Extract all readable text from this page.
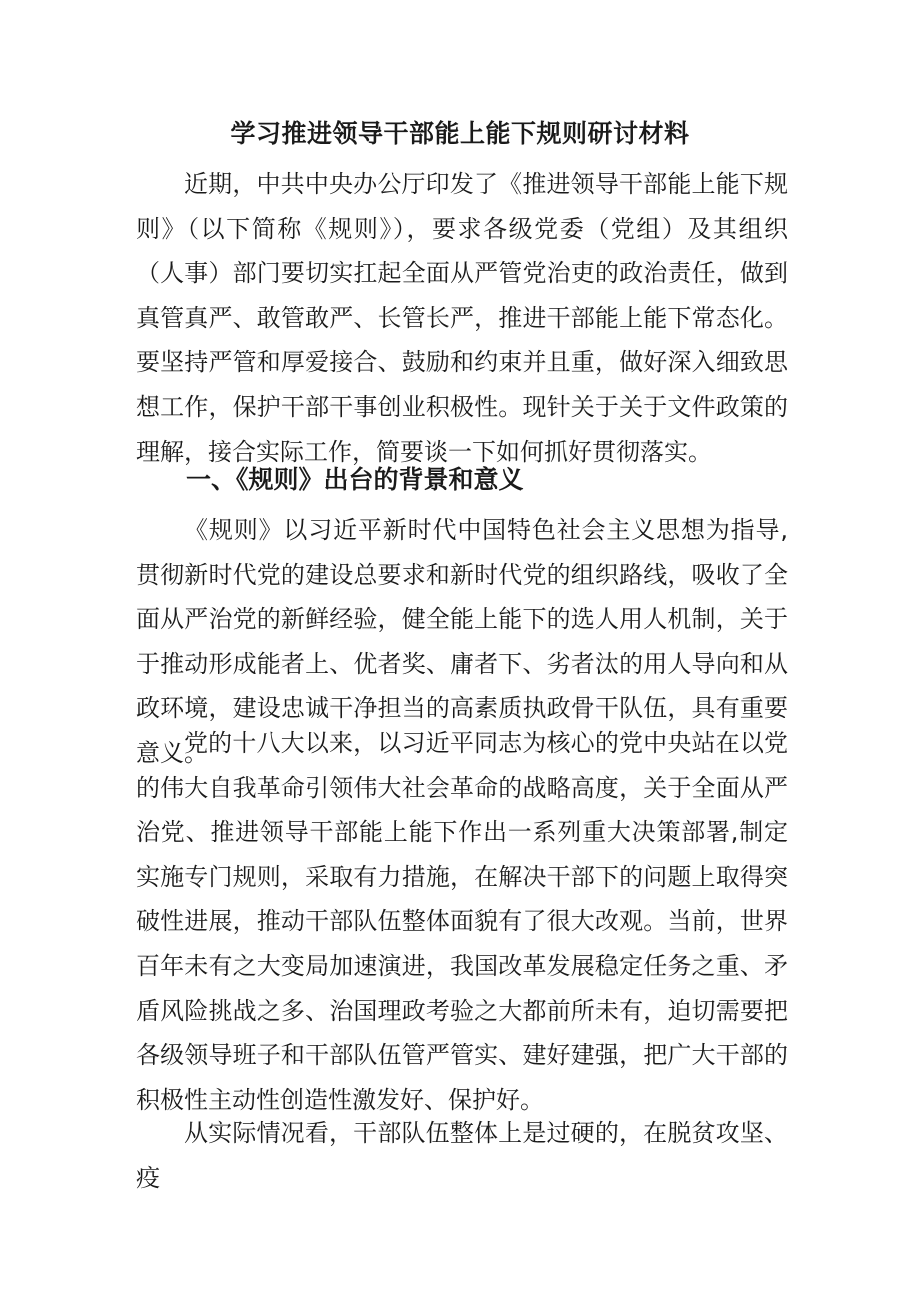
学习推进领导干部能上能下规则研讨材料

近期，中共中央办公厅印发了《推进领导干部能上能下规则》（以下简称《规则》），要求各级党委（党组）及其组织（人事）部门要切实扛起全面从严管党治吏的政治责任，做到真管真严、敢管敢严、长管长严，推进干部能上能下常态化。要坚持严管和厚爱接合、鼓励和约束并且重，做好深入细致思想工作，保护干部干事创业积极性。现针关于关于文件政策的理解，接合实际工作，简要谈一下如何抓好贯彻落实。

一、《规则》出台的背景和意义

《规则》以习近平新时代中国特色社会主义思想为指导,贯彻新时代党的建设总要求和新时代党的组织路线，吸收了全面从严治党的新鲜经验，健全能上能下的选人用人机制，关于于推动形成能者上、优者奖、庸者下、劣者汰的用人导向和从政环境，建设忠诚干净担当的高素质执政骨干队伍，具有重要意义。

党的十八大以来，以习近平同志为核心的党中央站在以党的伟大自我革命引领伟大社会革命的战略高度，关于全面从严治党、推进领导干部能上能下作出一系列重大决策部署,制定实施专门规则，采取有力措施，在解决干部下的问题上取得突破性进展，推动干部队伍整体面貌有了很大改观。当前，世界百年未有之大变局加速演进，我国改革发展稳定任务之重、矛盾风险挑战之多、治国理政考验之大都前所未有，迫切需要把各级领导班子和干部队伍管严管实、建好建强，把广大干部的积极性主动性创造性激发好、保护好。

从实际情况看，干部队伍整体上是过硬的，在脱贫攻坚、疫
